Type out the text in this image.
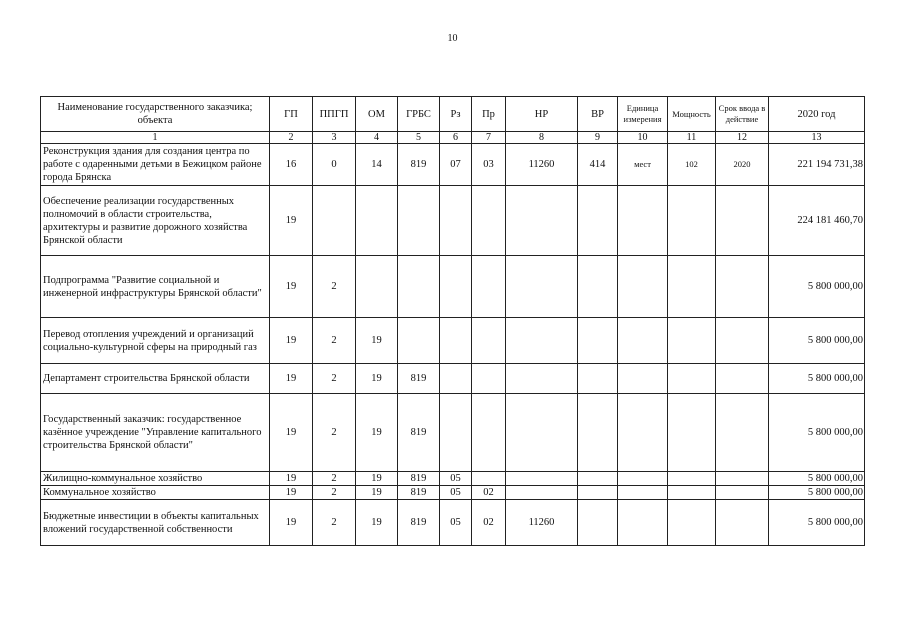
10
Наименование государственного заказчика; объекта	ГП	ППГП	ОМ	ГРБС	Рз	Пр	НР	ВР	Единица измерения	Мощность	Срок ввода в действие	2020 год
1	2	3	4	5	6	7	8	9	10	11	12	13
Реконструкция здания для создания центра по работе с одаренными детьми в Бежицком районе города Брянска	16	0	14	819	07	03	11260	414	мест	102	2020	221 194 731,38
Обеспечение реализации государственных полномочий в области строительства, архитектуры и развитие дорожного хозяйства Брянской области	19											224 181 460,70
Подпрограмма "Развитие социальной и инженерной инфраструктуры Брянской области"	19	2										5 800 000,00
Перевод отопления учреждений и организаций социально-культурной сферы на природный газ	19	2	19									5 800 000,00
Департамент строительства Брянской области	19	2	19	819								5 800 000,00
Государственный заказчик: государственное казённое учреждение "Управление капитального строительства Брянской области"	19	2	19	819								5 800 000,00
Жилищно-коммунальное хозяйство	19	2	19	819	05							5 800 000,00
Коммунальное хозяйство	19	2	19	819	05	02						5 800 000,00
Бюджетные инвестиции в объекты капитальных вложений государственной собственности	19	2	19	819	05	02	11260					5 800 000,00
